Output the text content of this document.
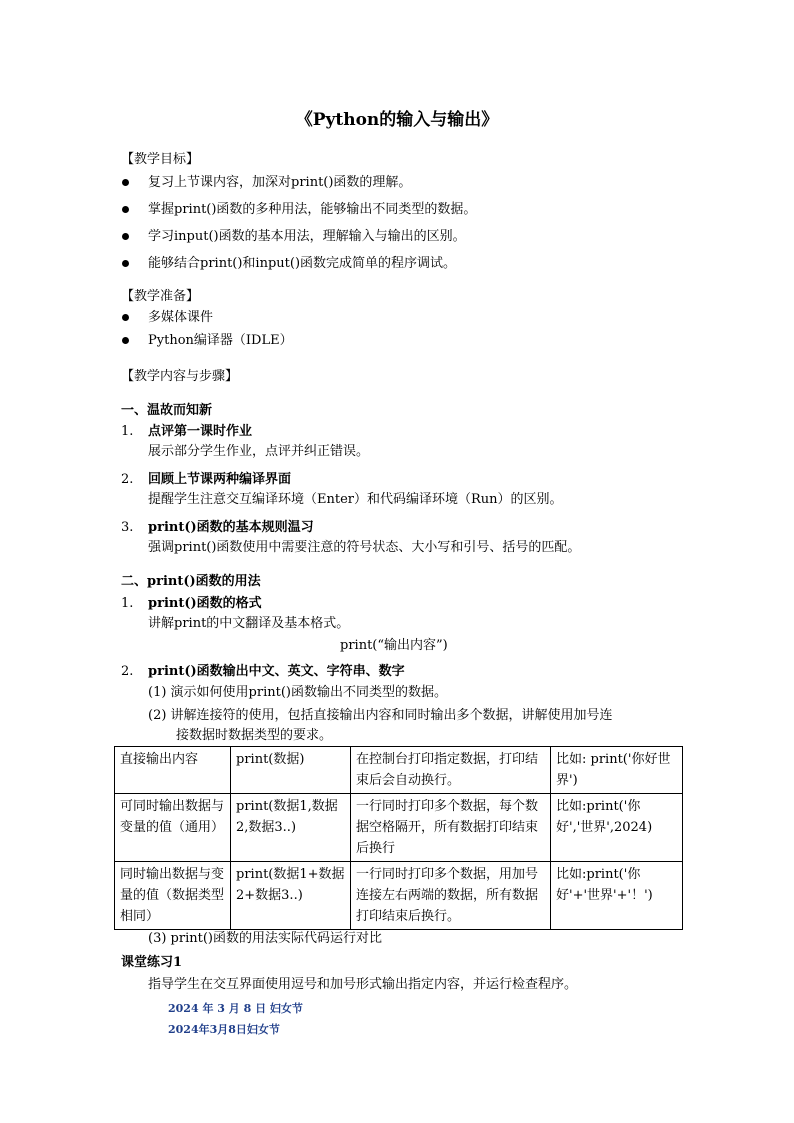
《Python的输入与输出》
【教学目标】
复习上节课内容，加深对print()函数的理解。
掌握print()函数的多种用法，能够输出不同类型的数据。
学习input()函数的基本用法，理解输入与输出的区别。
能够结合print()和input()函数完成简单的程序调试。
【教学准备】
多媒体课件
Python编译器（IDLE）
【教学内容与步骤】
一、温故而知新
1. 点评第一课时作业
展示部分学生作业，点评并纠正错误。
2. 回顾上节课两种编译界面
提醒学生注意交互编译环境（Enter）和代码编译环境（Run）的区别。
3. print()函数的基本规则温习
强调print()函数使用中需要注意的符号状态、大小写和引号、括号的匹配。
二、print()函数的用法
1. print()函数的格式
讲解print的中文翻译及基本格式。
print(“输出内容”)
2. print()函数输出中文、英文、字符串、数字
(1) 演示如何使用print()函数输出不同类型的数据。
(2) 讲解连接符的使用，包括直接输出内容和同时输出多个数据，讲解使用加号连
接数据时数据类型的要求。
直接输出内容	print(数据)	在控制台打印指定数据，打印结束后会自动换行。	比如: print('你好世界')
可同时输出数据与变量的值（通用）	print(数据1,数据2,数据3..)	一行同时打印多个数据，每个数据空格隔开，所有数据打印结束后换行	比如:print('你好','世界',2024)
同时输出数据与变量的值（数据类型相同）	print(数据1+数据2+数据3..)	一行同时打印多个数据，用加号连接左右两端的数据，所有数据打印结束后换行。	比如:print('你好'+'世界'+'！')
(3) print()函数的用法实际代码运行对比
课堂练习1
指导学生在交互界面使用逗号和加号形式输出指定内容，并运行检查程序。
2024 年 3 月 8 日 妇女节
2024年3月8日妇女节
